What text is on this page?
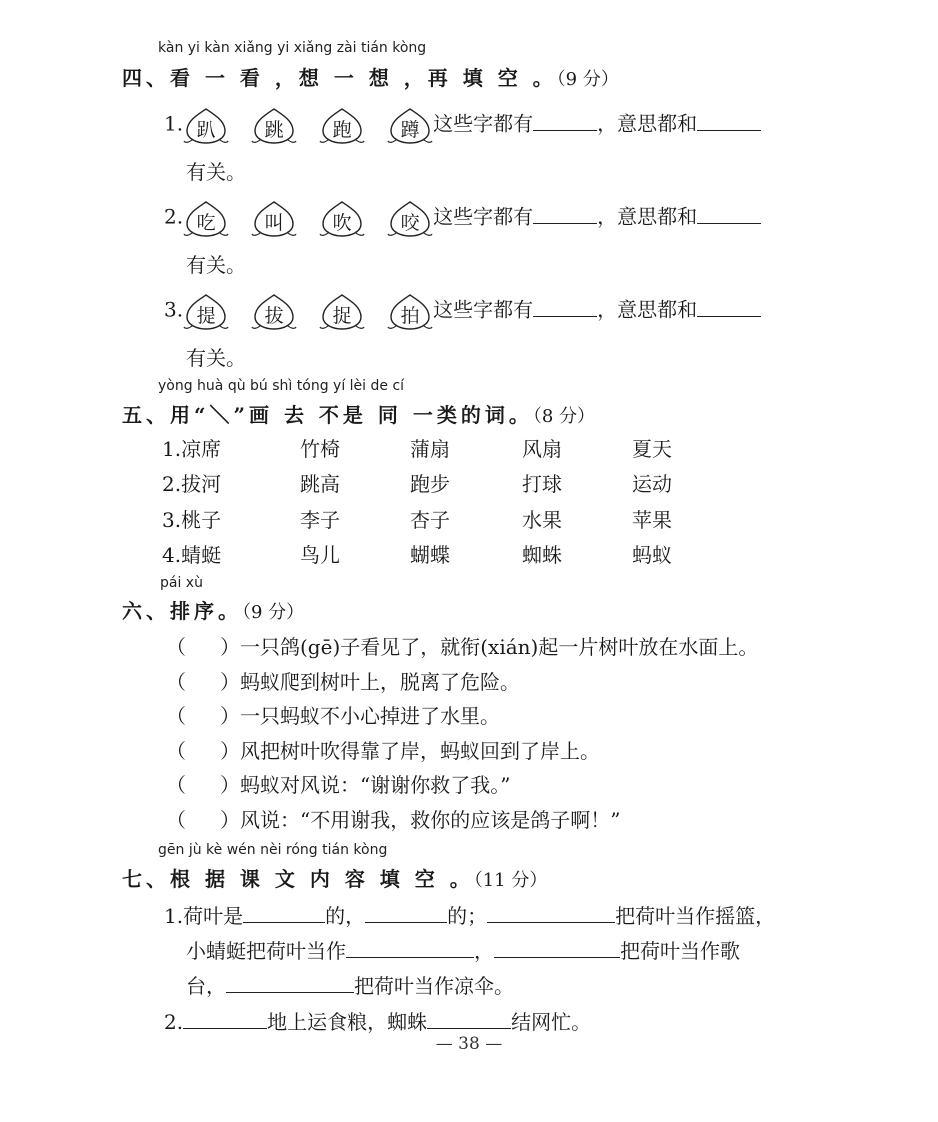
kàn yi kàn xiǎng yi xiǎng zài tián kòng
四、看 一 看 ，想 一 想 ，再 填 空 。（9 分）
1. 趴	跳	跑	蹲 这些字都有	，意思都和
有关。
2. 吃	叫	吹	咬 这些字都有	，意思都和
有关。
3. 提	拔	捉	拍 这些字都有	，意思都和
有关。
yòng huà qù bú shì tóng yí lèi de cí
五、用“＼”画 去 不是 同 一类的词。（8 分）
1.凉席	竹椅	蒲扇	风扇	夏天
2.拔河	跳高	跑步	打球	运动
3.桃子	李子	杏子	水果	苹果
4.蜻蜓	鸟儿	蝴蝶	蜘蛛	蚂蚁
pái xù
六、排序。（9 分）
（ ）一只鸽(gē)子看见了，就衔(xián)起一片树叶放在水面上。
（ ）蚂蚁爬到树叶上，脱离了危险。
（ ）一只蚂蚁不小心掉进了水里。
（ ）风把树叶吹得靠了岸，蚂蚁回到了岸上。
（ ）蚂蚁对风说：“谢谢你救了我。”
（ ）风说：“不用谢我，救你的应该是鸽子啊！”
gēn jù kè wén nèi róng tián kòng
七、根 据 课 文 内 容 填 空 。（11 分）
1.荷叶是	的，	的；	把荷叶当作摇篮，
小蜻蜓把荷叶当作	，	把荷叶当作歌
台，	把荷叶当作凉伞。
2.	地上运食粮，蜘蛛	结网忙。
— 38 —
